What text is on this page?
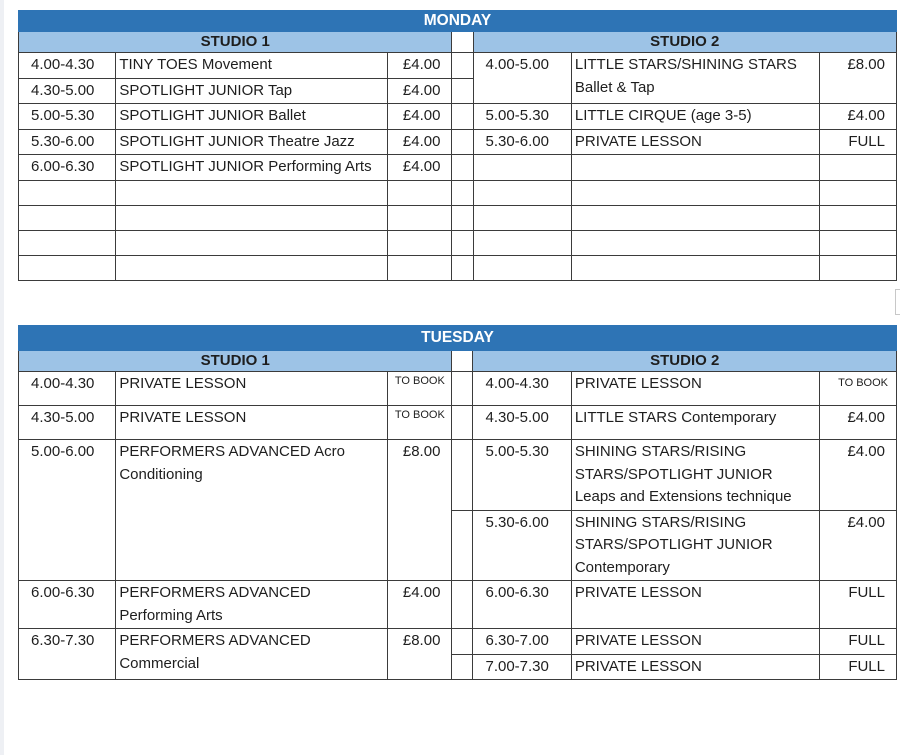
MONDAY						
STUDIO 1				STUDIO 2		
4.00-4.30	TINY TOES Movement	£4.00		4.00-5.00	LITTLE STARS/SHINING STARS Ballet & Tap	£8.00
4.30-5.00	SPOTLIGHT JUNIOR Tap	£4.00				
5.00-5.30	SPOTLIGHT JUNIOR Ballet	£4.00		5.00-5.30	LITTLE CIRQUE (age 3-5)	£4.00
5.30-6.00	SPOTLIGHT JUNIOR Theatre Jazz	£4.00		5.30-6.00	PRIVATE LESSON	FULL
6.00-6.30	SPOTLIGHT JUNIOR Performing Arts	£4.00				

TUESDAY						
STUDIO 1				STUDIO 2		
4.00-4.30	PRIVATE LESSON	TO BOOK		4.00-4.30	PRIVATE LESSON	TO BOOK
4.30-5.00	PRIVATE LESSON	TO BOOK		4.30-5.00	LITTLE STARS Contemporary	£4.00
5.00-6.00	PERFORMERS ADVANCED Acro Conditioning	£8.00		5.00-5.30	SHINING STARS/RISING STARS/SPOTLIGHT JUNIOR Leaps and Extensions technique	£4.00
				5.30-6.00	SHINING STARS/RISING STARS/SPOTLIGHT JUNIOR Contemporary	£4.00
6.00-6.30	PERFORMERS ADVANCED Performing Arts	£4.00		6.00-6.30	PRIVATE LESSON	FULL
6.30-7.30	PERFORMERS ADVANCED Commercial	£8.00		6.30-7.00	PRIVATE LESSON	FULL
				7.00-7.30	PRIVATE LESSON	FULL
